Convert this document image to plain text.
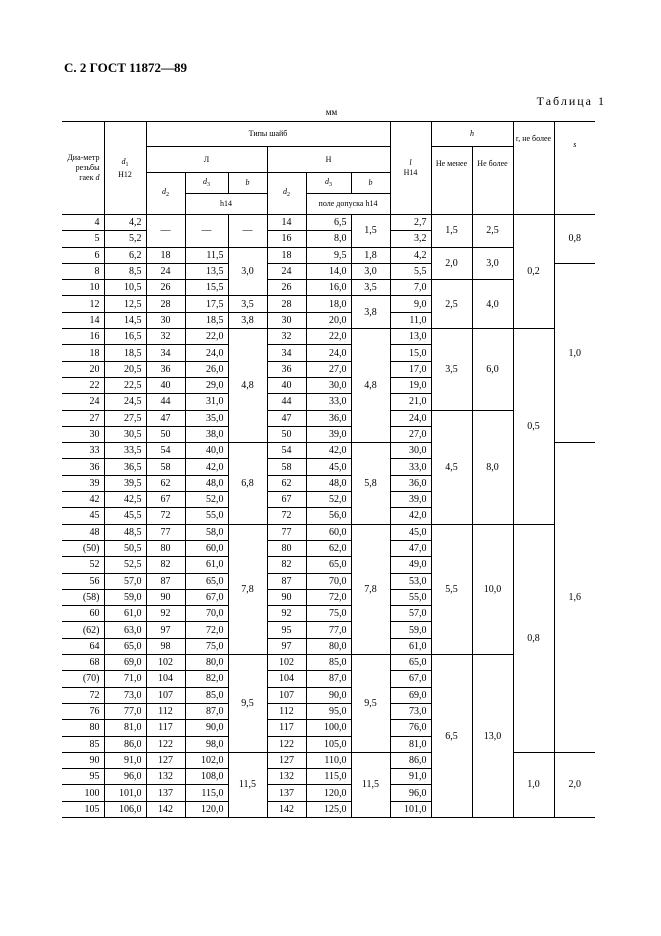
С. 2 ГОСТ 11872—89
Таблица 1
мм
Диа-метр резьбы гаек d	$d_1$
H12	Типы шайб						l
H14	h		r, не более	s
		Л			Н				Не менее	Не более		
		$d_2$	$d_3$	b	$d_2$	$d_3$	b					
			h14			поле допуска h14						
4	4,2	—	—	—	14	6,5	1,5	2,7	1,5	2,5	0,2	0,8
5	5,2				16	8,0		3,2				
6	6,2	18	11,5	3,0	18	9,5	1,8	4,2	2,0	3,0		
8	8,5	24	13,5		24	14,0	3,0	5,5				1,0
10	10,5	26	15,5		26	16,0	3,5	7,0	2,5	4,0		
12	12,5	28	17,5	3,5	28	18,0	3,8	9,0				
14	14,5	30	18,5	3,8	30	20,0		11,0				
16	16,5	32	22,0	4,8	32	22,0	4,8	13,0	3,5	6,0	0,5	
18	18,5	34	24,0		34	24,0		15,0				
20	20,5	36	26,0		36	27,0		17,0				
22	22,5	40	29,0		40	30,0		19,0				
24	24,5	44	31,0		44	33,0		21,0				
27	27,5	47	35,0		47	36,0		24,0	4,5	8,0		
30	30,5	50	38,0		50	39,0		27,0				
33	33,5	54	40,0	6,8	54	42,0	5,8	30,0				1,6
36	36,5	58	42,0		58	45,0		33,0				
39	39,5	62	48,0		62	48,0		36,0				
42	42,5	67	52,0		67	52,0		39,0				
45	45,5	72	55,0		72	56,0		42,0				
48	48,5	77	58,0	7,8	77	60,0	7,8	45,0	5,5	10,0	0,8	
(50)	50,5	80	60,0		80	62,0		47,0				
52	52,5	82	61,0		82	65,0		49,0				
56	57,0	87	65,0		87	70,0		53,0				
(58)	59,0	90	67,0		90	72,0		55,0				
60	61,0	92	70,0		92	75,0		57,0				
(62)	63,0	97	72,0		95	77,0		59,0				
64	65,0	98	75,0		97	80,0		61,0				
68	69,0	102	80,0	9,5	102	85,0	9,5	65,0	6,5	13,0		
(70)	71,0	104	82,0		104	87,0		67,0				
72	73,0	107	85,0		107	90,0		69,0				
76	77,0	112	87,0		112	95,0		73,0				
80	81,0	117	90,0		117	100,0		76,0				
85	86,0	122	98,0		122	105,0		81,0				
90	91,0	127	102,0	11,5	127	110,0	11,5	86,0			1,0	2,0
95	96,0	132	108,0		132	115,0		91,0				
100	101,0	137	115,0		137	120,0		96,0				
105	106,0	142	120,0		142	125,0		101,0				
